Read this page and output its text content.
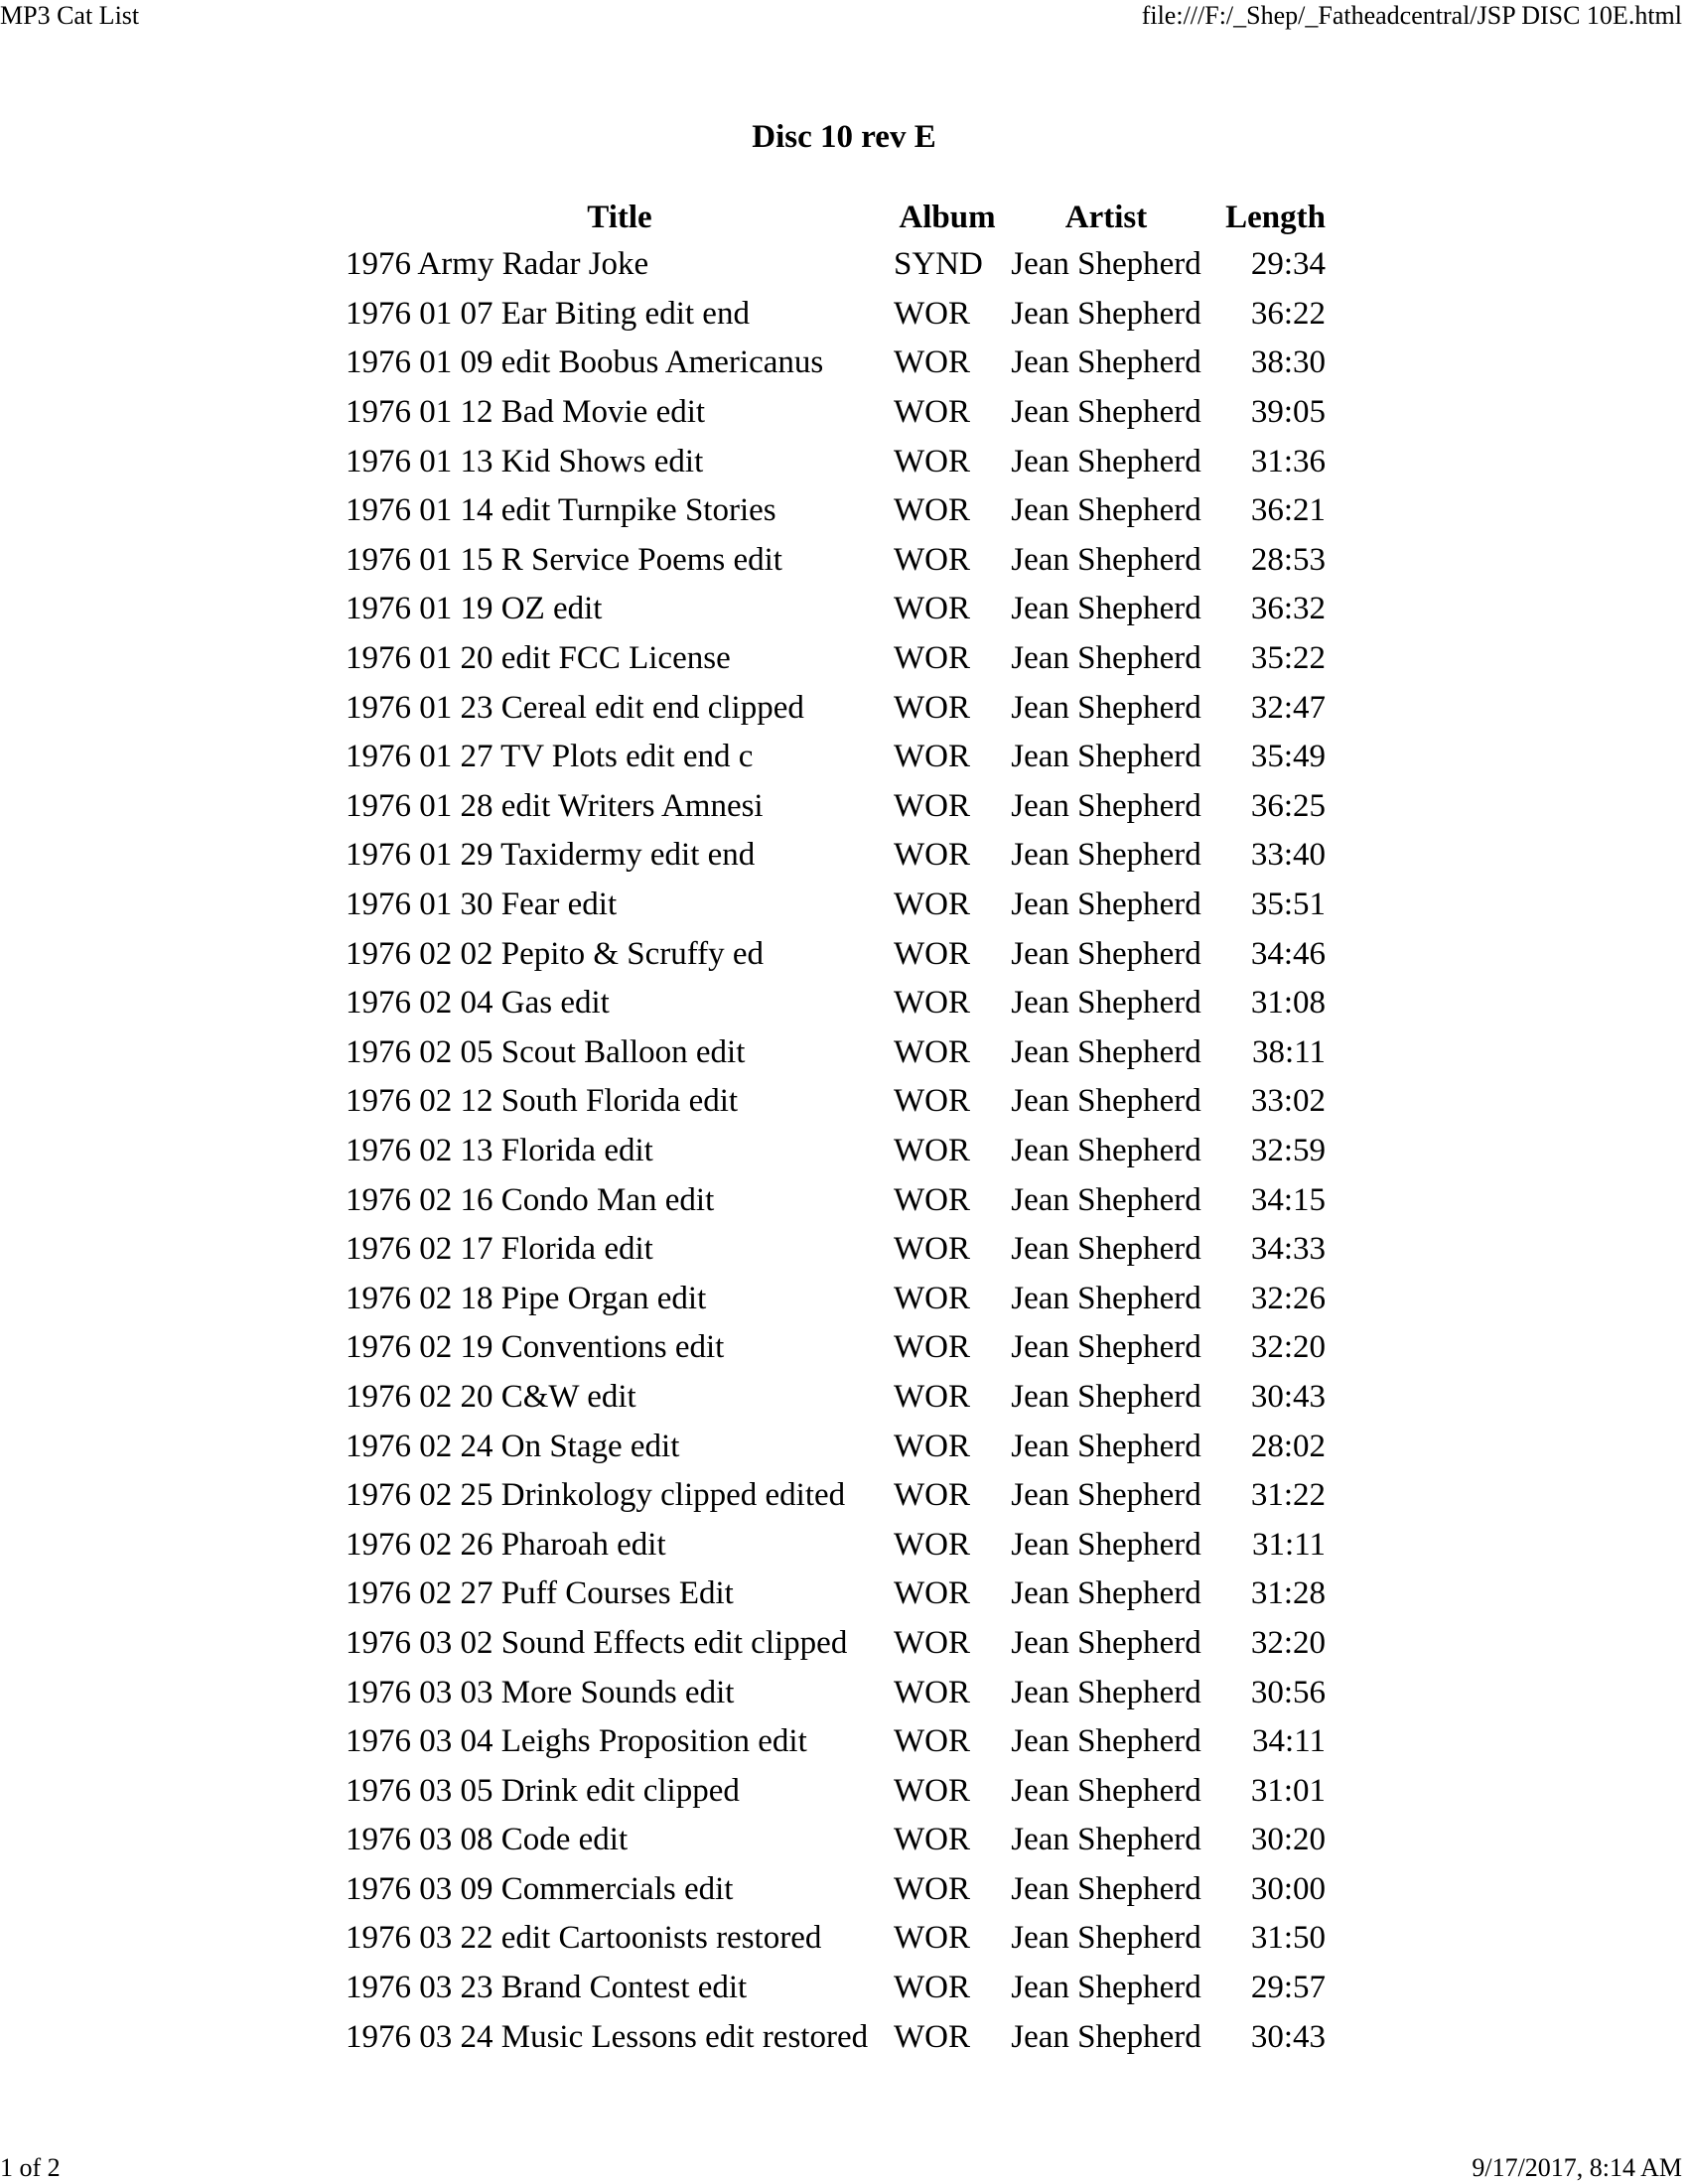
MP3 Cat List	file:///F:/_Shep/_Fatheadcentral/JSP DISC 10E.html
Disc 10 rev E
Title	Album	Artist	Length
1976 Army Radar Joke	SYND	Jean Shepherd	29:34
1976 01 07 Ear Biting edit end	WOR	Jean Shepherd	36:22
1976 01 09 edit Boobus Americanus	WOR	Jean Shepherd	38:30
1976 01 12 Bad Movie edit	WOR	Jean Shepherd	39:05
1976 01 13 Kid Shows edit	WOR	Jean Shepherd	31:36
1976 01 14 edit Turnpike Stories	WOR	Jean Shepherd	36:21
1976 01 15 R Service Poems edit	WOR	Jean Shepherd	28:53
1976 01 19 OZ edit	WOR	Jean Shepherd	36:32
1976 01 20 edit FCC License	WOR	Jean Shepherd	35:22
1976 01 23 Cereal edit end clipped	WOR	Jean Shepherd	32:47
1976 01 27 TV Plots edit end c	WOR	Jean Shepherd	35:49
1976 01 28 edit Writers Amnesi	WOR	Jean Shepherd	36:25
1976 01 29 Taxidermy edit end	WOR	Jean Shepherd	33:40
1976 01 30 Fear edit	WOR	Jean Shepherd	35:51
1976 02 02 Pepito & Scruffy ed	WOR	Jean Shepherd	34:46
1976 02 04 Gas edit	WOR	Jean Shepherd	31:08
1976 02 05 Scout Balloon edit	WOR	Jean Shepherd	38:11
1976 02 12 South Florida edit	WOR	Jean Shepherd	33:02
1976 02 13 Florida edit	WOR	Jean Shepherd	32:59
1976 02 16 Condo Man edit	WOR	Jean Shepherd	34:15
1976 02 17 Florida edit	WOR	Jean Shepherd	34:33
1976 02 18 Pipe Organ edit	WOR	Jean Shepherd	32:26
1976 02 19 Conventions edit	WOR	Jean Shepherd	32:20
1976 02 20 C&W edit	WOR	Jean Shepherd	30:43
1976 02 24 On Stage edit	WOR	Jean Shepherd	28:02
1976 02 25 Drinkology clipped edited	WOR	Jean Shepherd	31:22
1976 02 26 Pharoah edit	WOR	Jean Shepherd	31:11
1976 02 27 Puff Courses Edit	WOR	Jean Shepherd	31:28
1976 03 02 Sound Effects edit clipped	WOR	Jean Shepherd	32:20
1976 03 03 More Sounds edit	WOR	Jean Shepherd	30:56
1976 03 04 Leighs Proposition edit	WOR	Jean Shepherd	34:11
1976 03 05 Drink edit clipped	WOR	Jean Shepherd	31:01
1976 03 08 Code edit	WOR	Jean Shepherd	30:20
1976 03 09 Commercials edit	WOR	Jean Shepherd	30:00
1976 03 22 edit Cartoonists restored	WOR	Jean Shepherd	31:50
1976 03 23 Brand Contest edit	WOR	Jean Shepherd	29:57
1976 03 24 Music Lessons edit restored	WOR	Jean Shepherd	30:43
1 of 2	9/17/2017, 8:14 AM
